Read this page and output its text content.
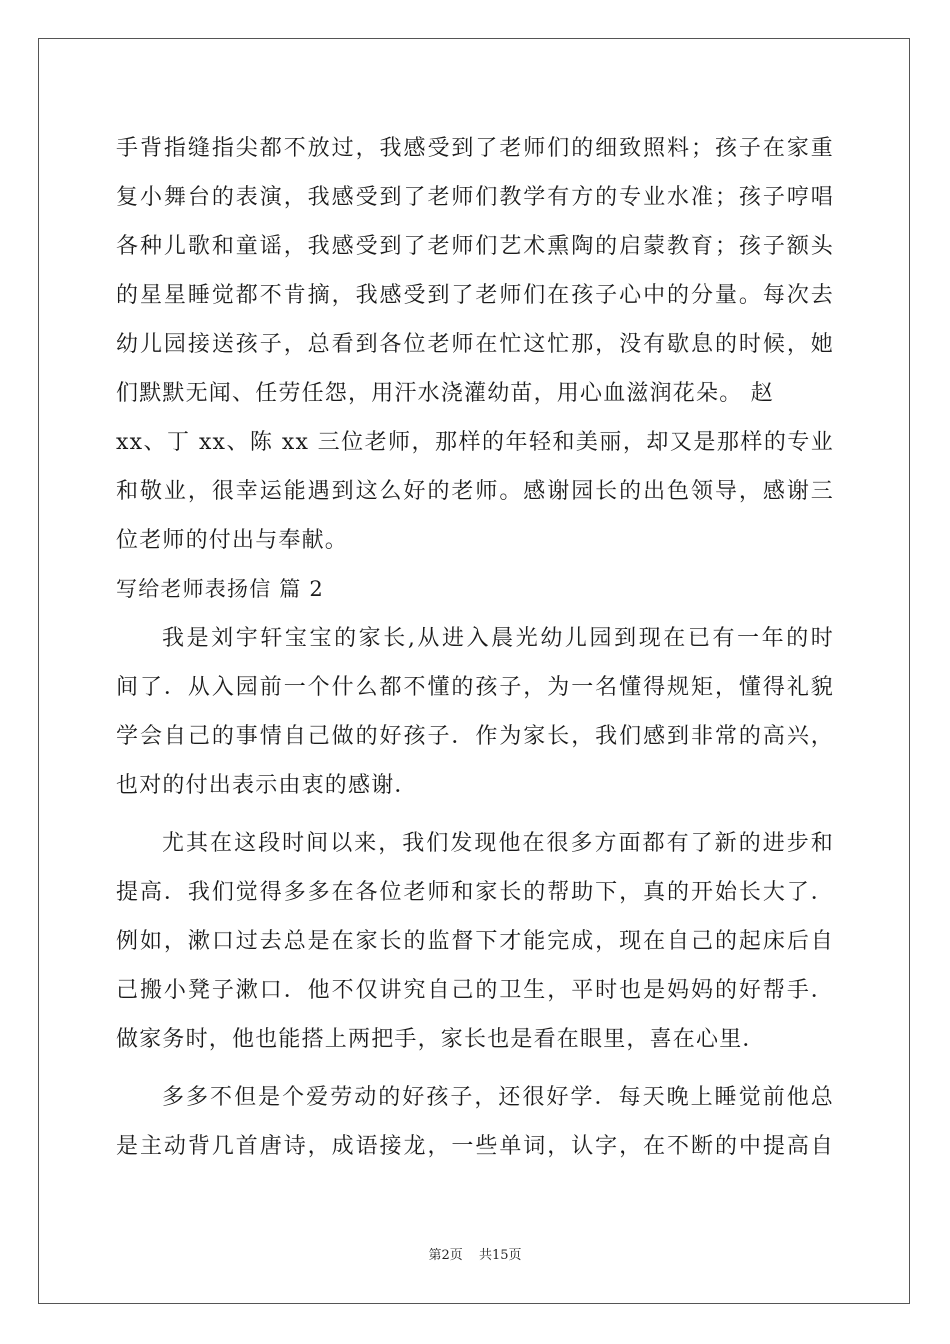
手背指缝指尖都不放过，我感受到了老师们的细致照料；孩子在家重
复小舞台的表演，我感受到了老师们教学有方的专业水准；孩子哼唱
各种儿歌和童谣，我感受到了老师们艺术熏陶的启蒙教育；孩子额头
的星星睡觉都不肯摘，我感受到了老师们在孩子心中的分量。每次去
幼儿园接送孩子，总看到各位老师在忙这忙那，没有歇息的时候，她
们默默无闻、任劳任怨，用汗水浇灌幼苗，用心血滋润花朵。 赵
xx、丁 xx、陈 xx 三位老师，那样的年轻和美丽，却又是那样的专业
和敬业，很幸运能遇到这么好的老师。感谢园长的出色领导，感谢三
位老师的付出与奉献。
写给老师表扬信 篇 2
我是刘宇轩宝宝的家长,从进入晨光幼儿园到现在已有一年的时
间了．从入园前一个什么都不懂的孩子，为一名懂得规矩，懂得礼貌
学会自己的事情自己做的好孩子．作为家长，我们感到非常的高兴，
也对的付出表示由衷的感谢．
尤其在这段时间以来，我们发现他在很多方面都有了新的进步和
提高．我们觉得多多在各位老师和家长的帮助下，真的开始长大了．
例如，漱口过去总是在家长的监督下才能完成，现在自己的起床后自
己搬小凳子漱口．他不仅讲究自己的卫生，平时也是妈妈的好帮手．
做家务时，他也能搭上两把手，家长也是看在眼里，喜在心里．
多多不但是个爱劳动的好孩子，还很好学．每天晚上睡觉前他总
是主动背几首唐诗，成语接龙，一些单词，认字，在不断的中提高自
第2页 共15页
